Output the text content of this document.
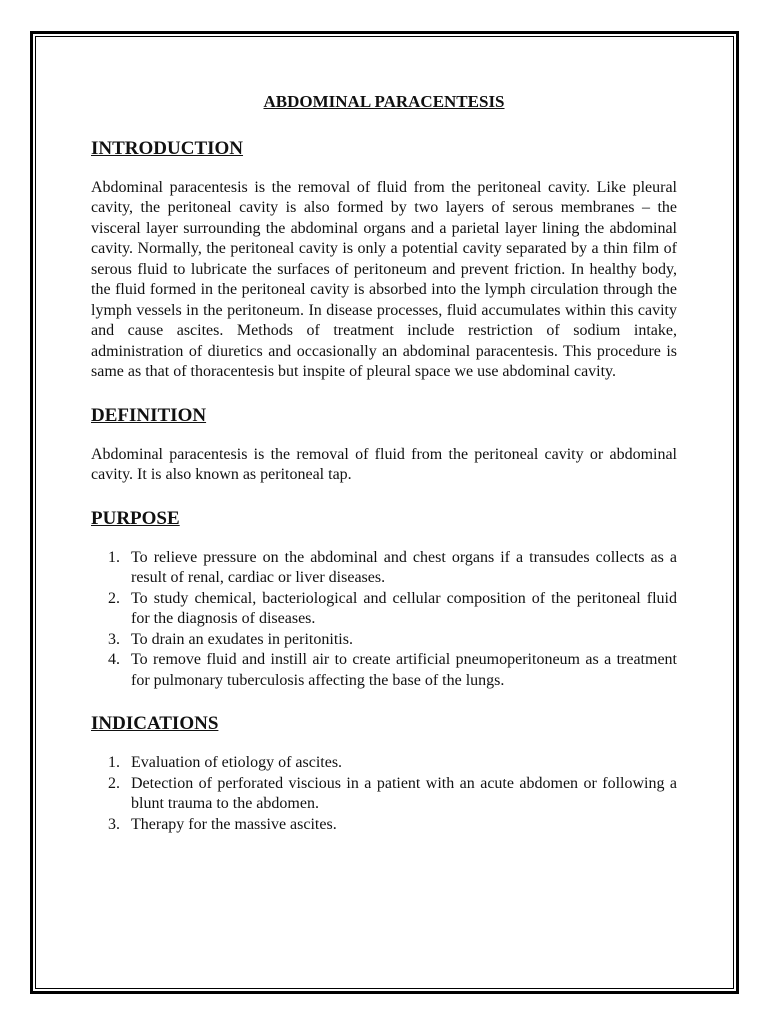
ABDOMINAL PARACENTESIS
INTRODUCTION
Abdominal paracentesis is the removal of fluid from the peritoneal cavity. Like pleural cavity, the peritoneal cavity is also formed by two layers of serous membranes – the visceral layer surrounding the abdominal organs and a parietal layer lining the abdominal cavity. Normally, the peritoneal cavity is only a potential cavity separated by a thin film of serous fluid to lubricate the surfaces of peritoneum and prevent friction. In healthy body, the fluid formed in the peritoneal cavity is absorbed into the lymph circulation through the lymph vessels in the peritoneum. In disease processes, fluid accumulates within this cavity and cause ascites. Methods of treatment include restriction of sodium intake, administration of diuretics and occasionally an abdominal paracentesis. This procedure is same as that of thoracentesis but inspite of pleural space we use abdominal cavity.
DEFINITION
Abdominal paracentesis is the removal of fluid from the peritoneal cavity or abdominal cavity. It is also known as peritoneal tap.
PURPOSE
1. To relieve pressure on the abdominal and chest organs if a transudes collects as a result of renal, cardiac or liver diseases.
2. To study chemical, bacteriological and cellular composition of the peritoneal fluid for the diagnosis of diseases.
3. To drain an exudates in peritonitis.
4. To remove fluid and instill air to create artificial pneumoperitoneum as a treatment for pulmonary tuberculosis affecting the base of the lungs.
INDICATIONS
1. Evaluation of etiology of ascites.
2. Detection of perforated viscious in a patient with an acute abdomen or following a blunt trauma to the abdomen.
3. Therapy for the massive ascites.
